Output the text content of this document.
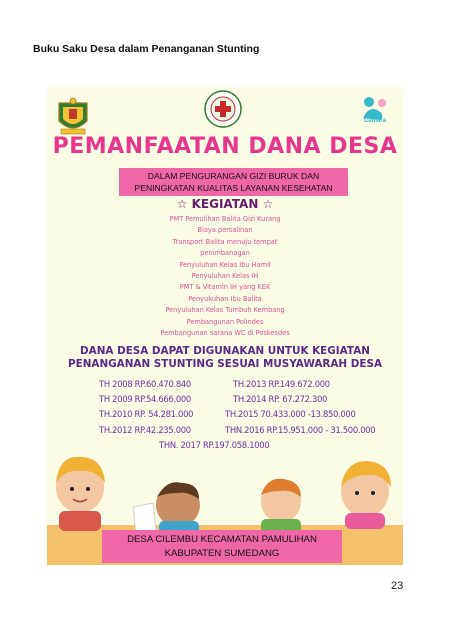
Buku Saku Desa dalam Penanganan Stunting
Cemara
PEMANFAATAN DANA DESA
DALAM PENGURANGAN GIZI BURUK DAN
PENINGKATAN KUALITAS LAYANAN KESEHATAN
☆ KEGIATAN ☆
PMT Pemulihan Balita Gizi Kurang
Biaya persalinan
Transport Balita menuju tempat
penimbanagan
Penyuluhan Kelas Ibu Hamil
Penyuluhan Kelas IH
PMT & Vitamin IH yang KEK
Penyukuhan Ibu Balita
Penyuluhan Kelas Tumbuh Kembang
Pembangunan Polindes
Pembangunan sarana WC di Poskesdes
DANA DESA DAPAT DIGUNAKAN UNTUK KEGIATAN
PENANGANAN STUNTING SESUAI MUSYAWARAH DESA
TH 2008 RP.60.470.840	TH.2013 RP.149.672.000
TH 2009 RP.54.666.000	TH.2014 RP. 67.272.300
TH.2010 RP. 54.281.000	TH.2015 70.433.000 -13.850.000
TH.2012 RP.42.235.000	THN.2016 RP.15.951.000 - 31.500.000
THN. 2017 RP.197.058.1000
DESA CILEMBU KECAMATAN PAMULIHAN
KABUPATEN SUMEDANG
23
